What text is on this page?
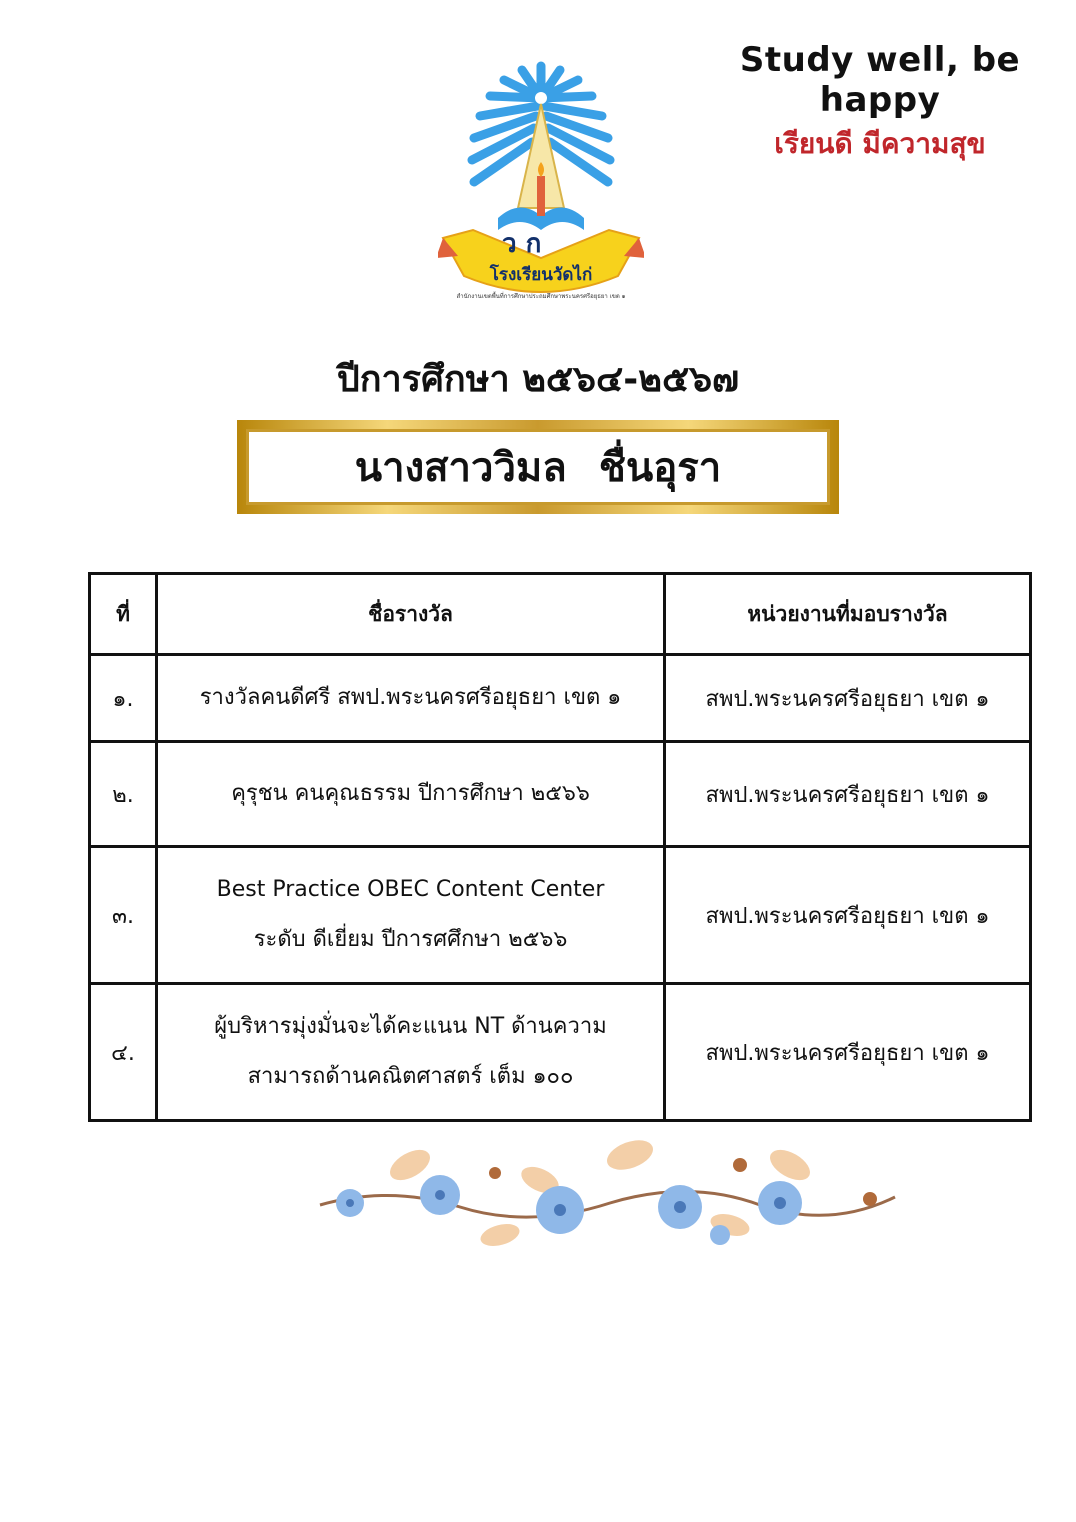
Study well, be happy
เรียนดี มีความสุข
ว ก
โรงเรียนวัดไก่
สำนักงานเขตพื้นที่การศึกษาประถมศึกษาพระนครศรีอยุธยา เขต ๑
ปีการศึกษา ๒๕๖๔-๒๕๖๗
นางสาววิมล ชื่นอุรา
ที่	ชื่อรางวัล	หน่วยงานที่มอบรางวัล
๑.	รางวัลคนดีศรี สพป.พระนครศรีอยุธยา เขต ๑	สพป.พระนครศรีอยุธยา เขต ๑
๒.	คุรุชน คนคุณธรรม ปีการศึกษา ๒๕๖๖	สพป.พระนครศรีอยุธยา เขต ๑
๓.	Best Practice OBEC Content Center
ระดับ ดีเยี่ยม ปีการศศึกษา ๒๕๖๖	สพป.พระนครศรีอยุธยา เขต ๑
๔.	ผู้บริหารมุ่งมั่นจะได้คะแนน NT ด้านความ
สามารถด้านคณิตศาสตร์ เต็ม ๑๐๐	สพป.พระนครศรีอยุธยา เขต ๑
